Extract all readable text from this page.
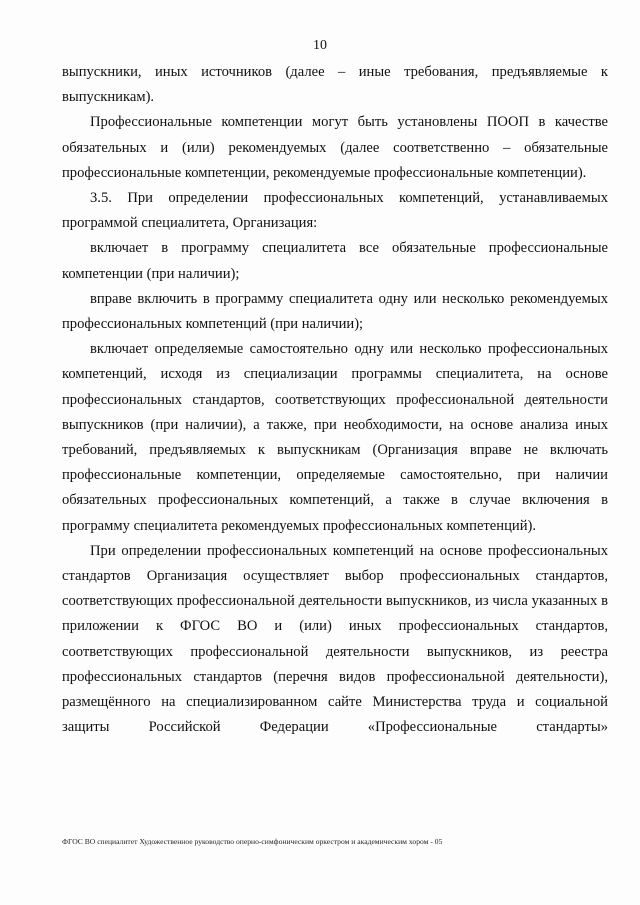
10

выпускники, иных источников (далее – иные требования, предъявляемые к выпускникам).

Профессиональные компетенции могут быть установлены ПООП в качестве обязательных и (или) рекомендуемых (далее соответственно – обязательные профессиональные компетенции, рекомендуемые профессиональные компетенции).

3.5. При определении профессиональных компетенций, устанавливаемых программой специалитета, Организация:

включает в программу специалитета все обязательные профессиональные компетенции (при наличии);

вправе включить в программу специалитета одну или несколько рекомендуемых профессиональных компетенций (при наличии);

включает определяемые самостоятельно одну или несколько профессиональных компетенций, исходя из специализации программы специалитета, на основе профессиональных стандартов, соответствующих профессиональной деятельности выпускников (при наличии), а также, при необходимости, на основе анализа иных требований, предъявляемых к выпускникам (Организация вправе не включать профессиональные компетенции, определяемые самостоятельно, при наличии обязательных профессиональных компетенций, а также в случае включения в программу специалитета рекомендуемых профессиональных компетенций).

При определении профессиональных компетенций на основе профессиональных стандартов Организация осуществляет выбор профессиональных стандартов, соответствующих профессиональной деятельности выпускников, из числа указанных в приложении к ФГОС ВО и (или) иных профессиональных стандартов, соответствующих профессиональной деятельности выпускников, из реестра профессиональных стандартов (перечня видов профессиональной деятельности), размещённого на специализированном сайте Министерства труда и социальной защиты Российской Федерации «Профессиональные стандарты»

ФГОС ВО специалитет Художественное руководство оперно-симфоническим оркестром и академическим хором - 05
